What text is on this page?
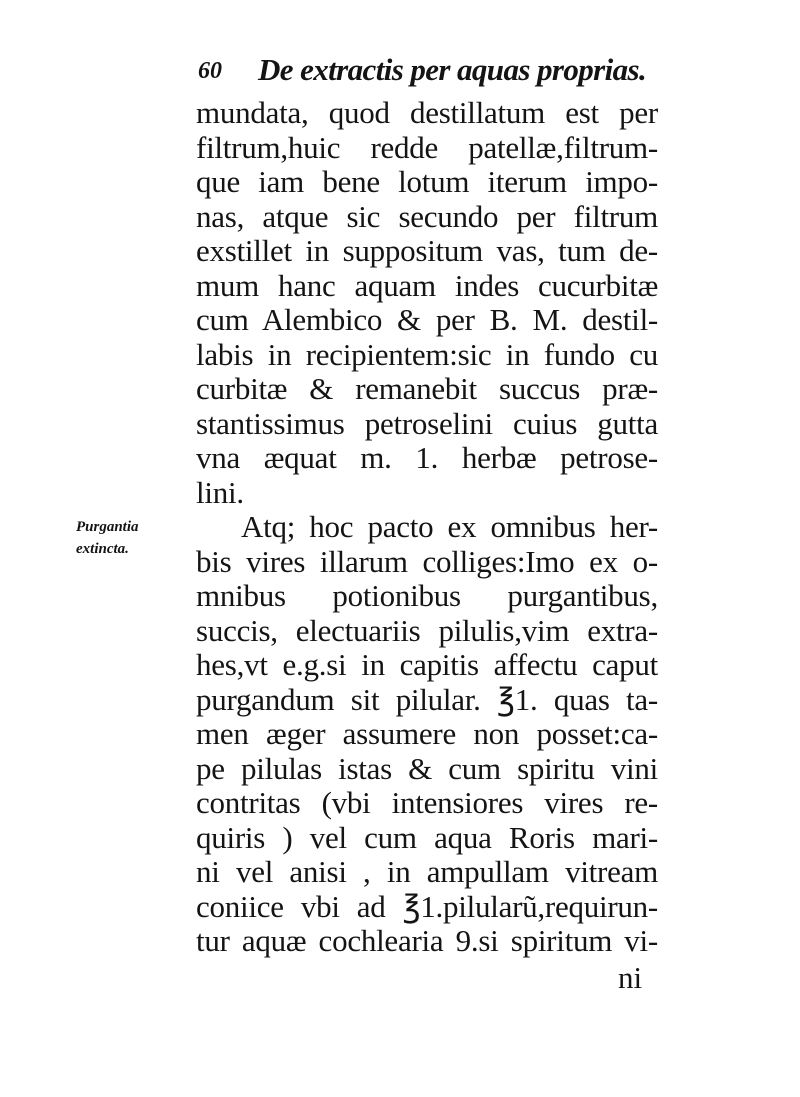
60 De extractis per aquas proprias.
Purgantia
extincta.
mundata, quod destillatum est per
filtrum,huic redde patellæ,filtrum-
que iam bene lotum iterum impo-
nas, atque sic secundo per filtrum
exstillet in suppositum vas, tum de-
mum hanc aquam indes cucurbitæ
cum Alembico & per B. M. destil-
labis in recipientem:sic in fundo cu
curbitæ & remanebit succus præ-
stantissimus petroselini cuius gutta
vna æquat m. 1. herbæ petrose-
lini.
Atq; hoc pacto ex omnibus her-
bis vires illarum colliges:Imo ex o-
mnibus potionibus purgantibus,
succis, electuariis pilulis,vim extra-
hes,vt e.g.si in capitis affectu caput
purgandum sit pilular. ℥1. quas ta-
men æger assumere non posset:ca-
pe pilulas istas & cum spiritu vini
contritas (vbi intensiores vires re-
quiris ) vel cum aqua Roris mari-
ni vel anisi , in ampullam vitream
coniice vbi ad ℥1.pilularũ,requirun-
tur aquæ cochlearia 9.si spiritum vi-
ni
